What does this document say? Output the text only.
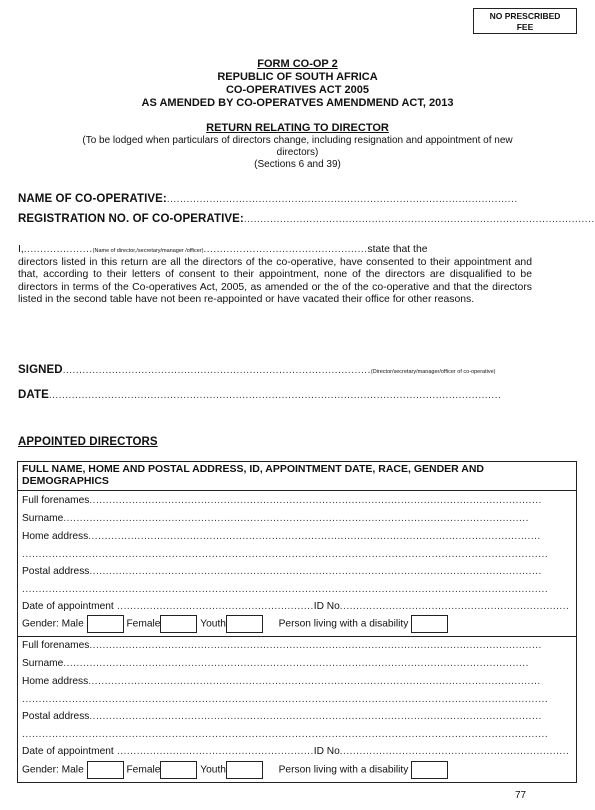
NO PRESCRIBED
FEE
FORM CO-OP 2
REPUBLIC OF SOUTH AFRICA
CO-OPERATIVES ACT 2005
AS AMENDED BY CO-OPERATVES AMENDMEND ACT, 2013
RETURN RELATING TO DIRECTOR
(To be lodged when particulars of directors change, including resignation and appointment of new
directors)
(Sections 6 and 39)
NAME OF CO-OPERATIVE:...........................................................................................................
REGISTRATION NO. OF CO-OPERATIVE:...........................................................................................................
I,.....................(Name of director,/secretary/manager /officer)..................................................state that the
directors listed in this return are all the directors of the co-operative, have consented to their appointment and that, according to their letters of consent to their appointment, none of the directors are disqualified to be directors in terms of the Co-operatives Act, 2005, as amended or the of the co-operative and that the directors listed in the second table have not been re-appointed or have vacated their office for other reasons.
SIGNED..............................................................................................(Director/secretary/manager/officer of co-operative)
DATE..........................................................................................................................................
APPOINTED DIRECTORS
FULL NAME, HOME AND POSTAL ADDRESS, ID, APPOINTMENT DATE, RACE, GENDER AND DEMOGRAPHICS
Full forenames..........................................................................................................................................
Surname..............................................................................................................................................
Home address..........................................................................................................................................
..............................................................................................................................................................
Postal address..........................................................................................................................................
..............................................................................................................................................................
Date of appointment ............................................................ID No......................................................................
Gender: Male	Female	Youth	Person living with a disability
Full forenames..........................................................................................................................................
Surname..............................................................................................................................................
Home address..........................................................................................................................................
..............................................................................................................................................................
Postal address..........................................................................................................................................
..............................................................................................................................................................
Date of appointment ............................................................ID No......................................................................
Gender: Male	Female	Youth	Person living with a disability
77
